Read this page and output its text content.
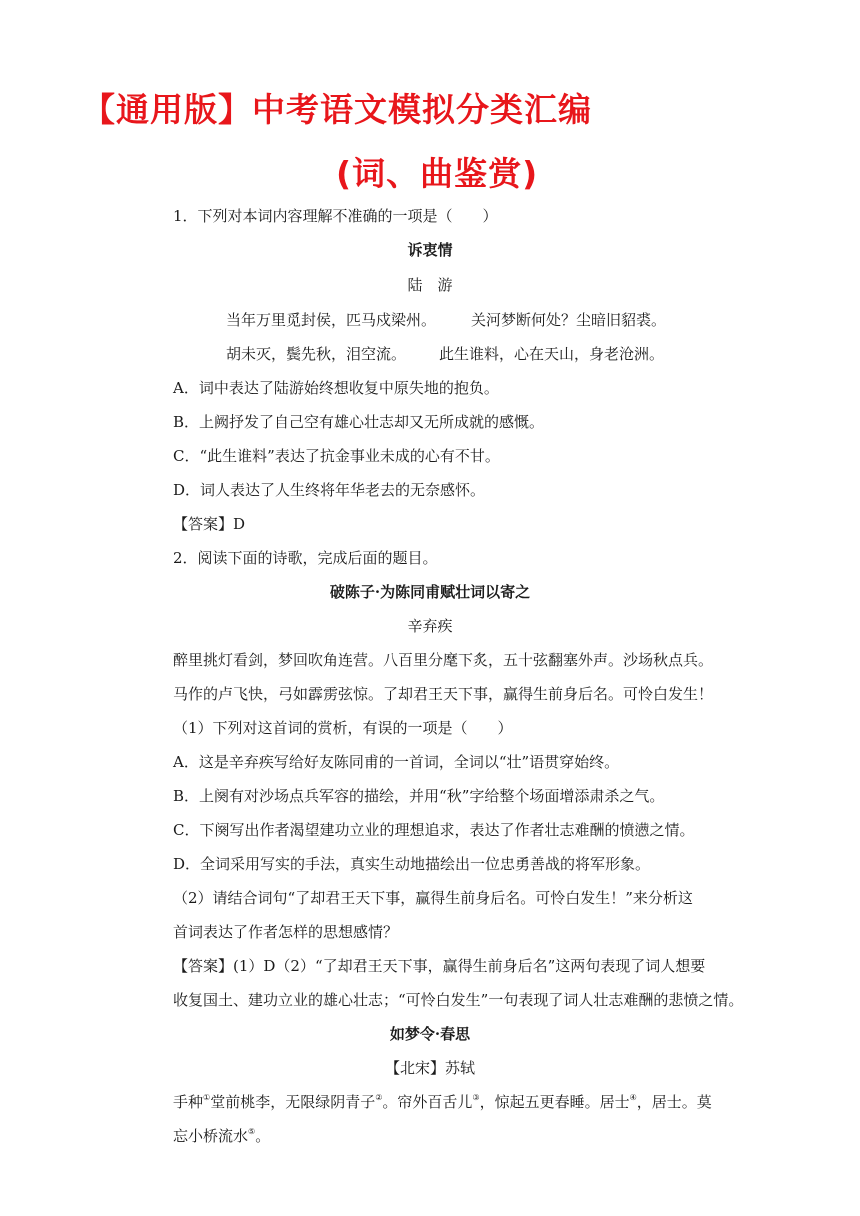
【通用版】中考语文模拟分类汇编
(词、曲鉴赏)
1．下列对本词内容理解不准确的一项是（　　）
诉衷情
陆　游
当年万里觅封侯，匹马戍梁州。 关河梦断何处？尘暗旧貂裘。
胡未灭，鬓先秋，泪空流。 此生谁料，心在天山，身老沧洲。
A．词中表达了陆游始终想收复中原失地的抱负。
B．上阙抒发了自己空有雄心壮志却又无所成就的感慨。
C．“此生谁料”表达了抗金事业未成的心有不甘。
D．词人表达了人生终将年华老去的无奈感怀。
【答案】D
2．阅读下面的诗歌，完成后面的题目。
破陈子·为陈同甫赋壮词以寄之
辛弃疾
醉里挑灯看剑，梦回吹角连营。八百里分麾下炙，五十弦翻塞外声。沙场秋点兵。
马作的卢飞快，弓如霹雳弦惊。了却君王天下事，赢得生前身后名。可怜白发生！
（1）下列对这首词的赏析，有误的一项是（　　）
A．这是辛弃疾写给好友陈同甫的一首词，全词以“壮”语贯穿始终。
B．上阕有对沙场点兵军容的描绘，并用“秋”字给整个场面增添肃杀之气。
C．下阕写出作者渴望建功立业的理想追求，表达了作者壮志难酬的愤懑之情。
D．全词采用写实的手法，真实生动地描绘出一位忠勇善战的将军形象。
（2）请结合词句“了却君王天下事，赢得生前身后名。可怜白发生！”来分析这
首词表达了作者怎样的思想感情？
【答案】(1）D（2）“了却君王天下事，赢得生前身后名”这两句表现了词人想要
收复国土、建功立业的雄心壮志；“可怜白发生”一句表现了词人壮志难酬的悲愤之情。
如梦令·春思
【北宋】苏轼
手种①堂前桃李，无限绿阴青子②。帘外百舌儿③，惊起五更春睡。居士④，居士。莫
忘小桥流水⑤。
